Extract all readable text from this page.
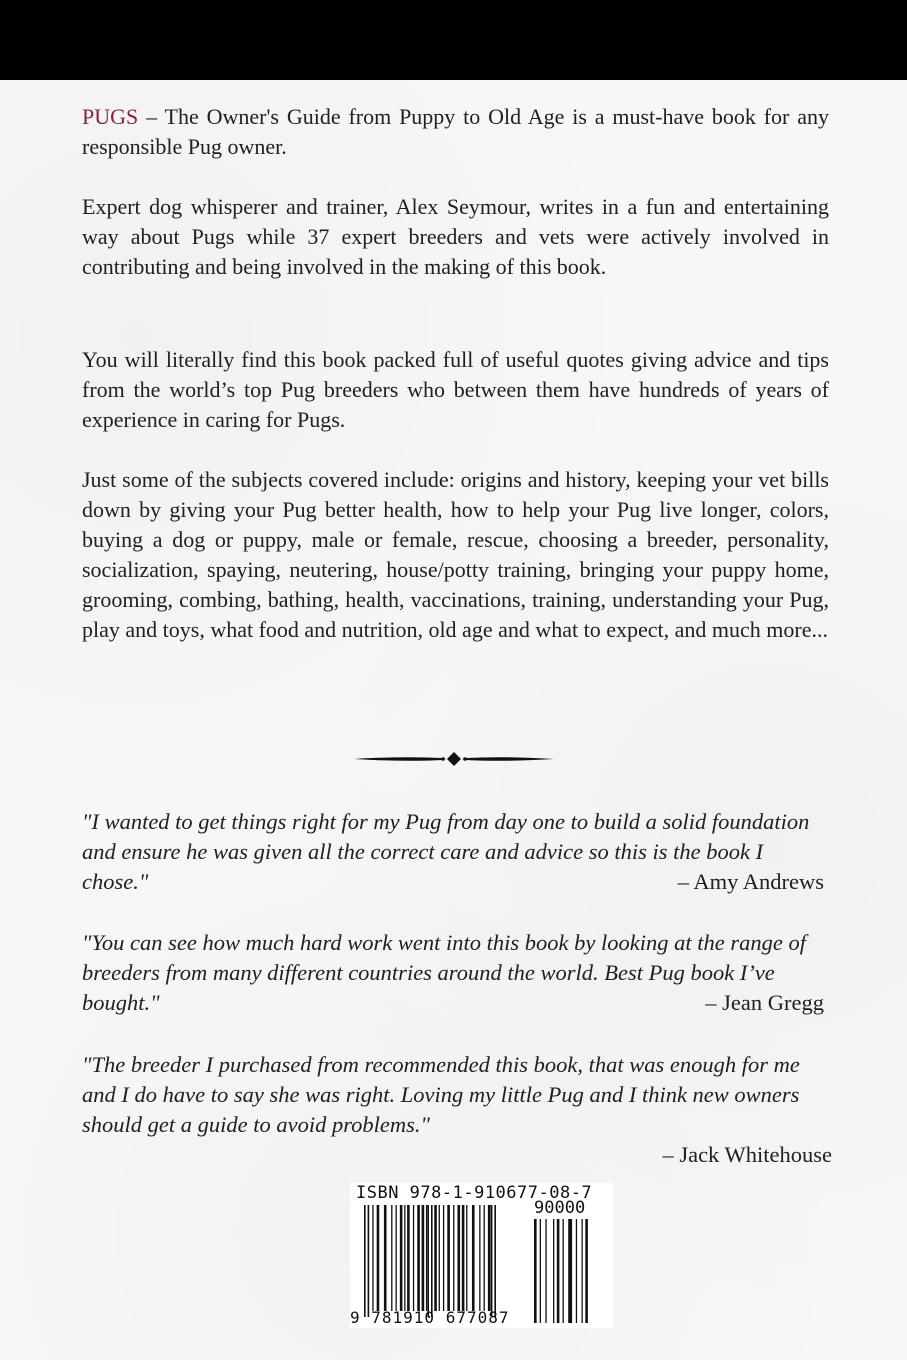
PUGS – The Owner's Guide from Puppy to Old Age is a must-have book for any responsible Pug owner.

Expert dog whisperer and trainer, Alex Seymour, writes in a fun and entertaining way about Pugs while 37 expert breeders and vets were actively involved in contributing and being involved in the making of this book.

You will literally find this book packed full of useful quotes giving advice and tips from the world’s top Pug breeders who between them have hundreds of years of experience in caring for Pugs.

Just some of the subjects covered include: origins and history, keeping your vet bills down by giving your Pug better health, how to help your Pug live longer, colors, buying a dog or puppy, male or female, rescue, choosing a breeder, personality, socialization, spaying, neutering, house/potty training, bringing your puppy home, grooming, combing, bathing, health, vaccinations, training, understanding your Pug, play and toys, what food and nutrition, old age and what to expect, and much more...

"I wanted to get things right for my Pug from day one to build a solid foundation and ensure he was given all the correct care and advice so this is the book I chose."	– Amy Andrews
"You can see how much hard work went into this book by looking at the range of breeders from many different countries around the world. Best Pug book I’ve bought."	– Jean Gregg
"The breeder I purchased from recommended this book, that was enough for me and I do have to say she was right. Loving my little Pug and I think new owners should get a guide to avoid problems."
– Jack Whitehouse
ISBN 978-1-910677-08-7
90000
9 781910 677087
